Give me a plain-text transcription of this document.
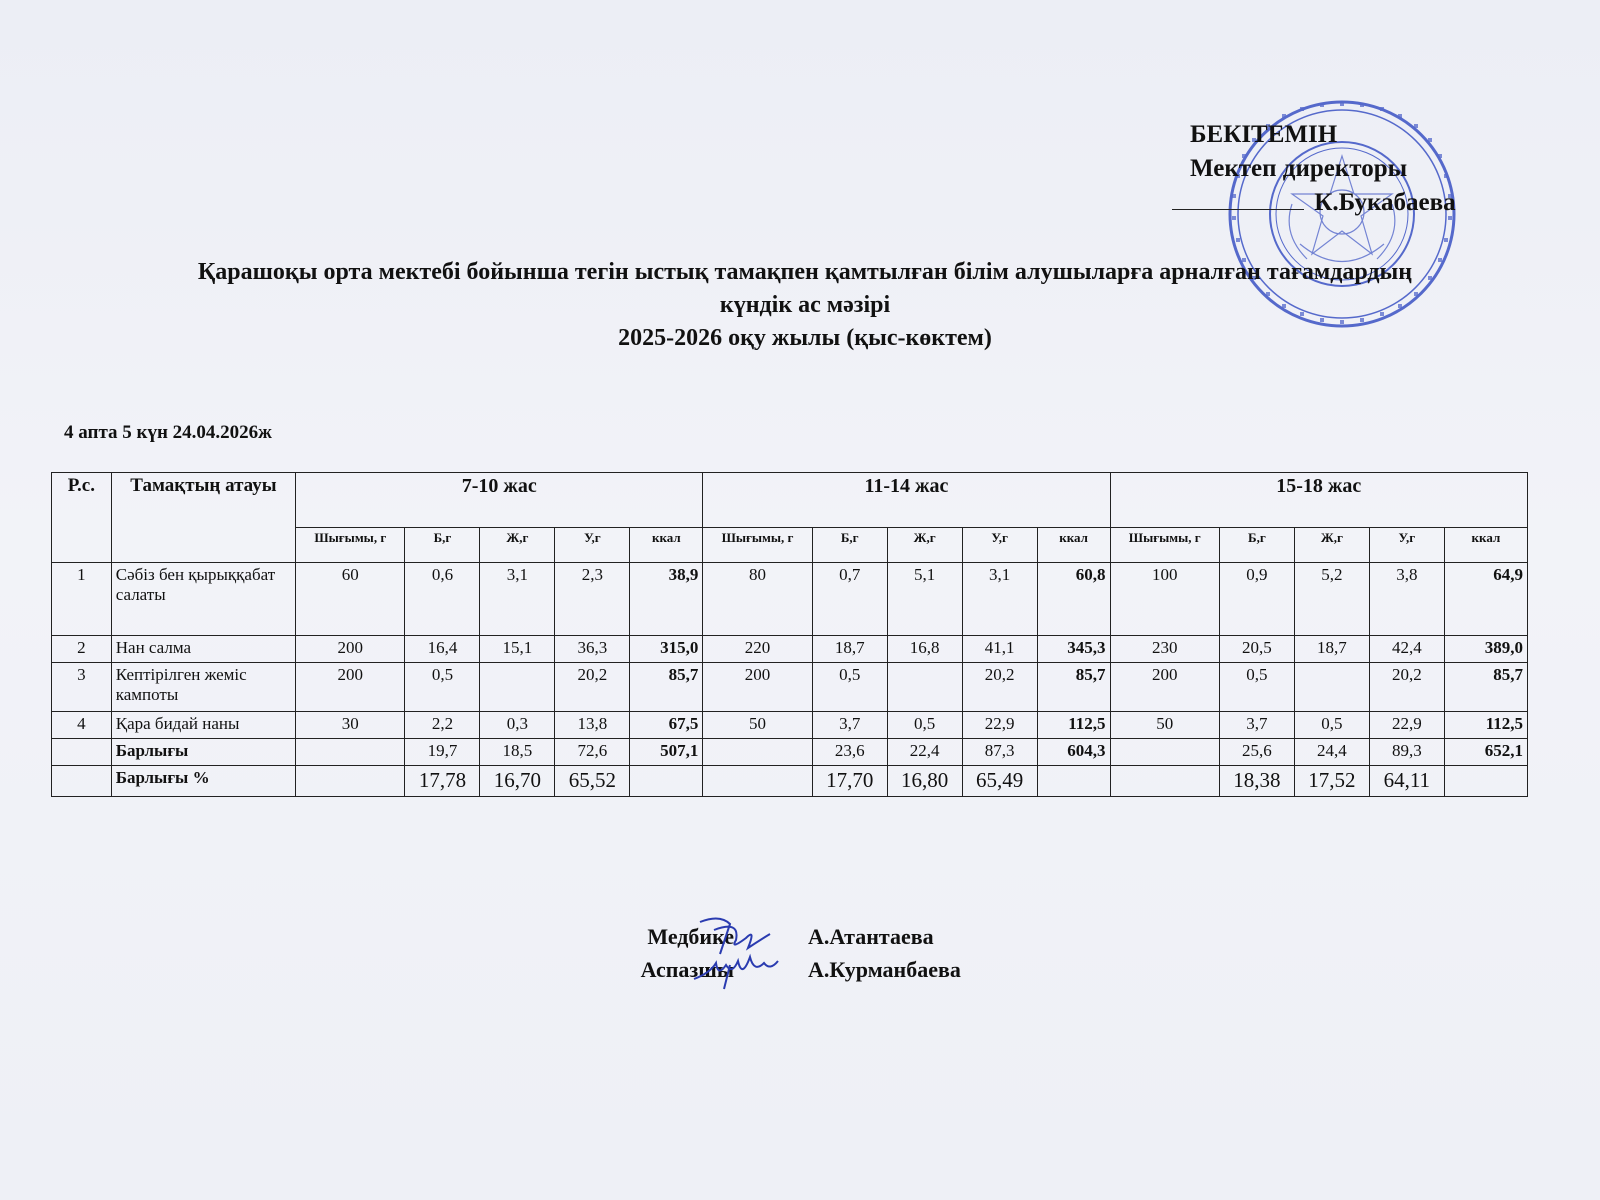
БЕКІТЕМІН
Мектеп директоры
К.Букабаева
Қарашоқы орта мектебі бойынша тегін ыстық тамақпен қамтылған білім алушыларға арналған тағамдардың
күндік ас мәзірі
2025-2026 оқу жылы (қыс-көктем)
4 апта 5 күн 24.04.2026ж
Р.с.	Тамақтың атауы	7-10 жас					11-14 жас					15-18 жас				
		Шығымы, г	Б,г	Ж,г	У,г	ккал	Шығымы, г	Б,г	Ж,г	У,г	ккал	Шығымы, г	Б,г	Ж,г	У,г	ккал
1	Сәбіз бен қырыққабат салаты	60	0,6	3,1	2,3	38,9	80	0,7	5,1	3,1	60,8	100	0,9	5,2	3,8	64,9
2	Нан салма	200	16,4	15,1	36,3	315,0	220	18,7	16,8	41,1	345,3	230	20,5	18,7	42,4	389,0
3	Кептірілген жеміс кампоты	200	0,5		20,2	85,7	200	0,5		20,2	85,7	200	0,5		20,2	85,7
4	Қара бидай наны	30	2,2	0,3	13,8	67,5	50	3,7	0,5	22,9	112,5	50	3,7	0,5	22,9	112,5
	Барлығы		19,7	18,5	72,6	507,1		23,6	22,4	87,3	604,3		25,6	24,4	89,3	652,1
	Барлығы %		17,78	16,70	65,52			17,70	16,80	65,49			18,38	17,52	64,11	
Медбике	А.Атантаева
Аспазшы	А.Курманбаева
